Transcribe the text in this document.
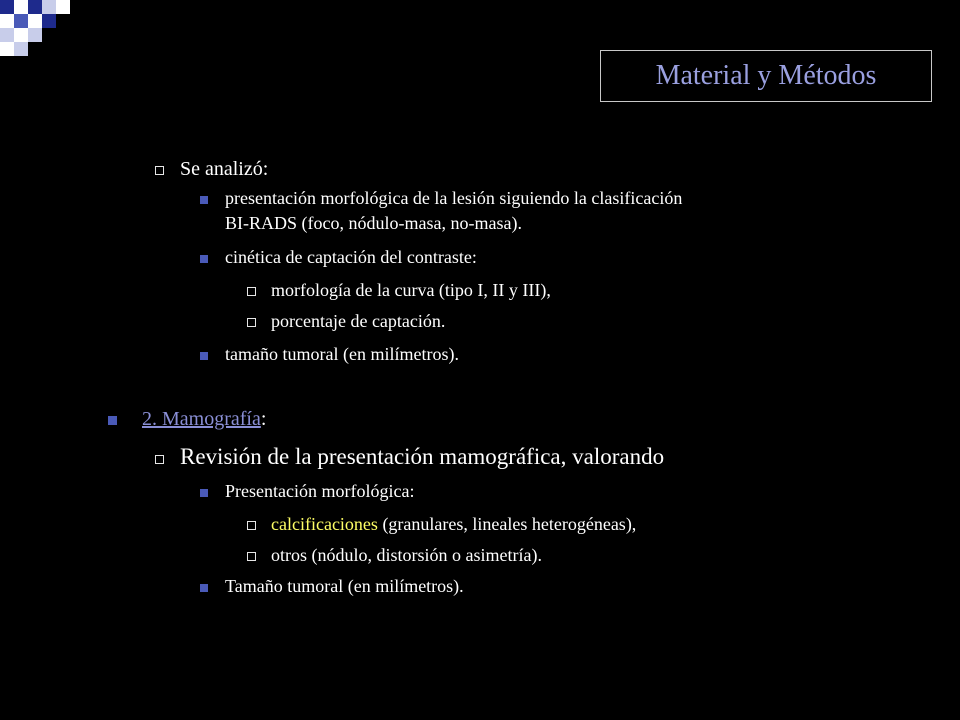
Material y Métodos
Se analizó:
presentación morfológica de la lesión siguiendo la clasificación
BI-RADS (foco, nódulo-masa, no-masa).
cinética de captación del contraste:
morfología de la curva (tipo I, II y III),
porcentaje de captación.
tamaño tumoral (en milímetros).
2. Mamografía :
Revisión de la presentación mamográfica, valorando
Presentación morfológica:
calcificaciones (granulares, lineales heterogéneas),
otros (nódulo, distorsión o asimetría).
Tamaño tumoral (en milímetros).
